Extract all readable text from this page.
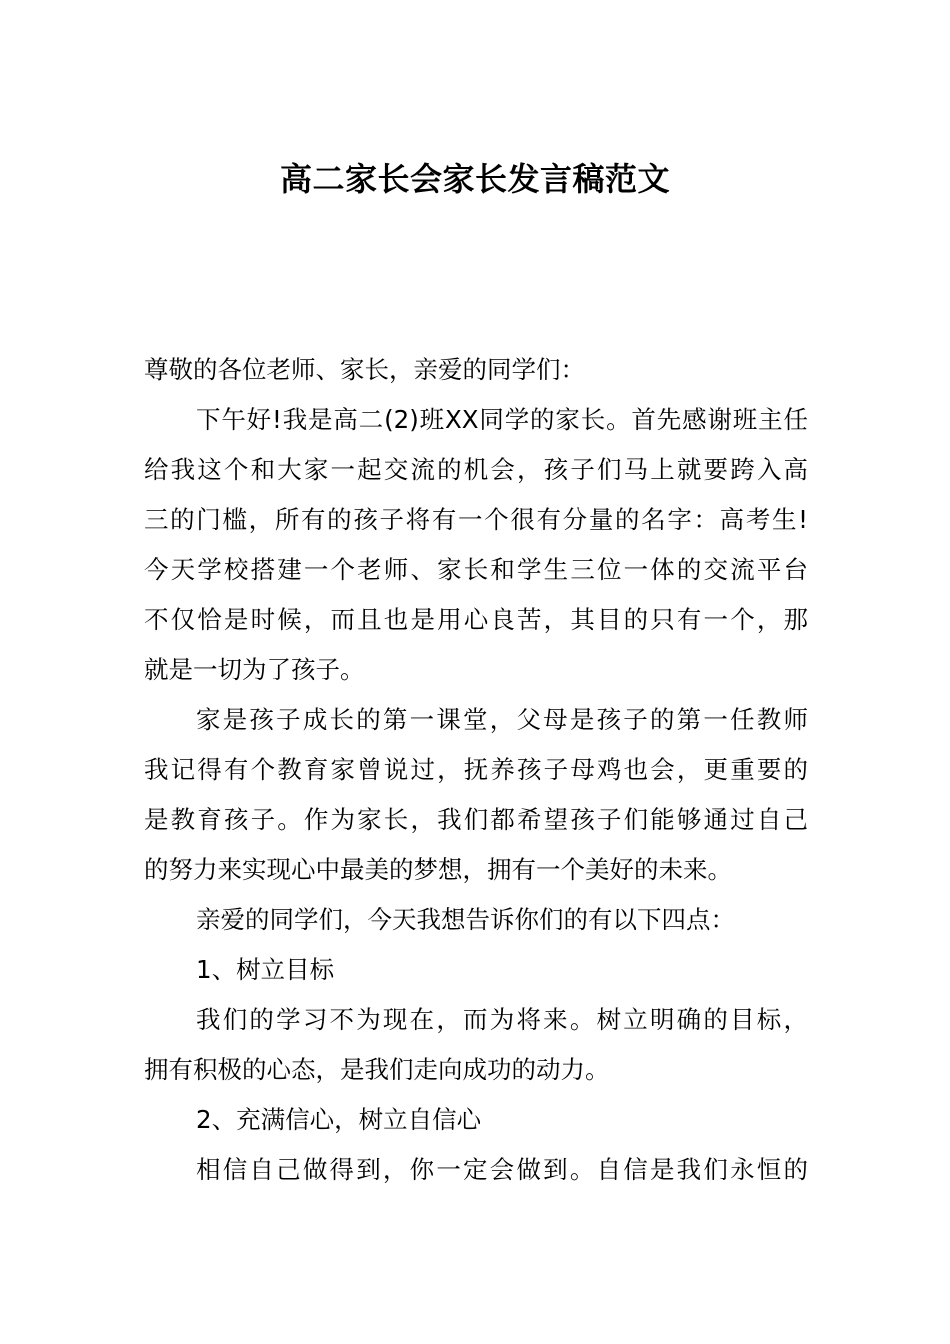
高二家长会家长发言稿范文
尊敬的各位老师、家长，亲爱的同学们：
下午好!我是高二(2)班XX同学的家长。首先感谢班主任
给我这个和大家一起交流的机会，孩子们马上就要跨入高
三的门槛，所有的孩子将有一个很有分量的名字：高考生!
今天学校搭建一个老师、家长和学生三位一体的交流平台
不仅恰是时候，而且也是用心良苦，其目的只有一个，那
就是一切为了孩子。
家是孩子成长的第一课堂，父母是孩子的第一任教师
我记得有个教育家曾说过，抚养孩子母鸡也会，更重要的
是教育孩子。作为家长，我们都希望孩子们能够通过自己
的努力来实现心中最美的梦想，拥有一个美好的未来。
亲爱的同学们，今天我想告诉你们的有以下四点：
1、树立目标
我们的学习不为现在，而为将来。树立明确的目标，
拥有积极的心态，是我们走向成功的动力。
2、充满信心，树立自信心
相信自己做得到，你一定会做到。自信是我们永恒的
